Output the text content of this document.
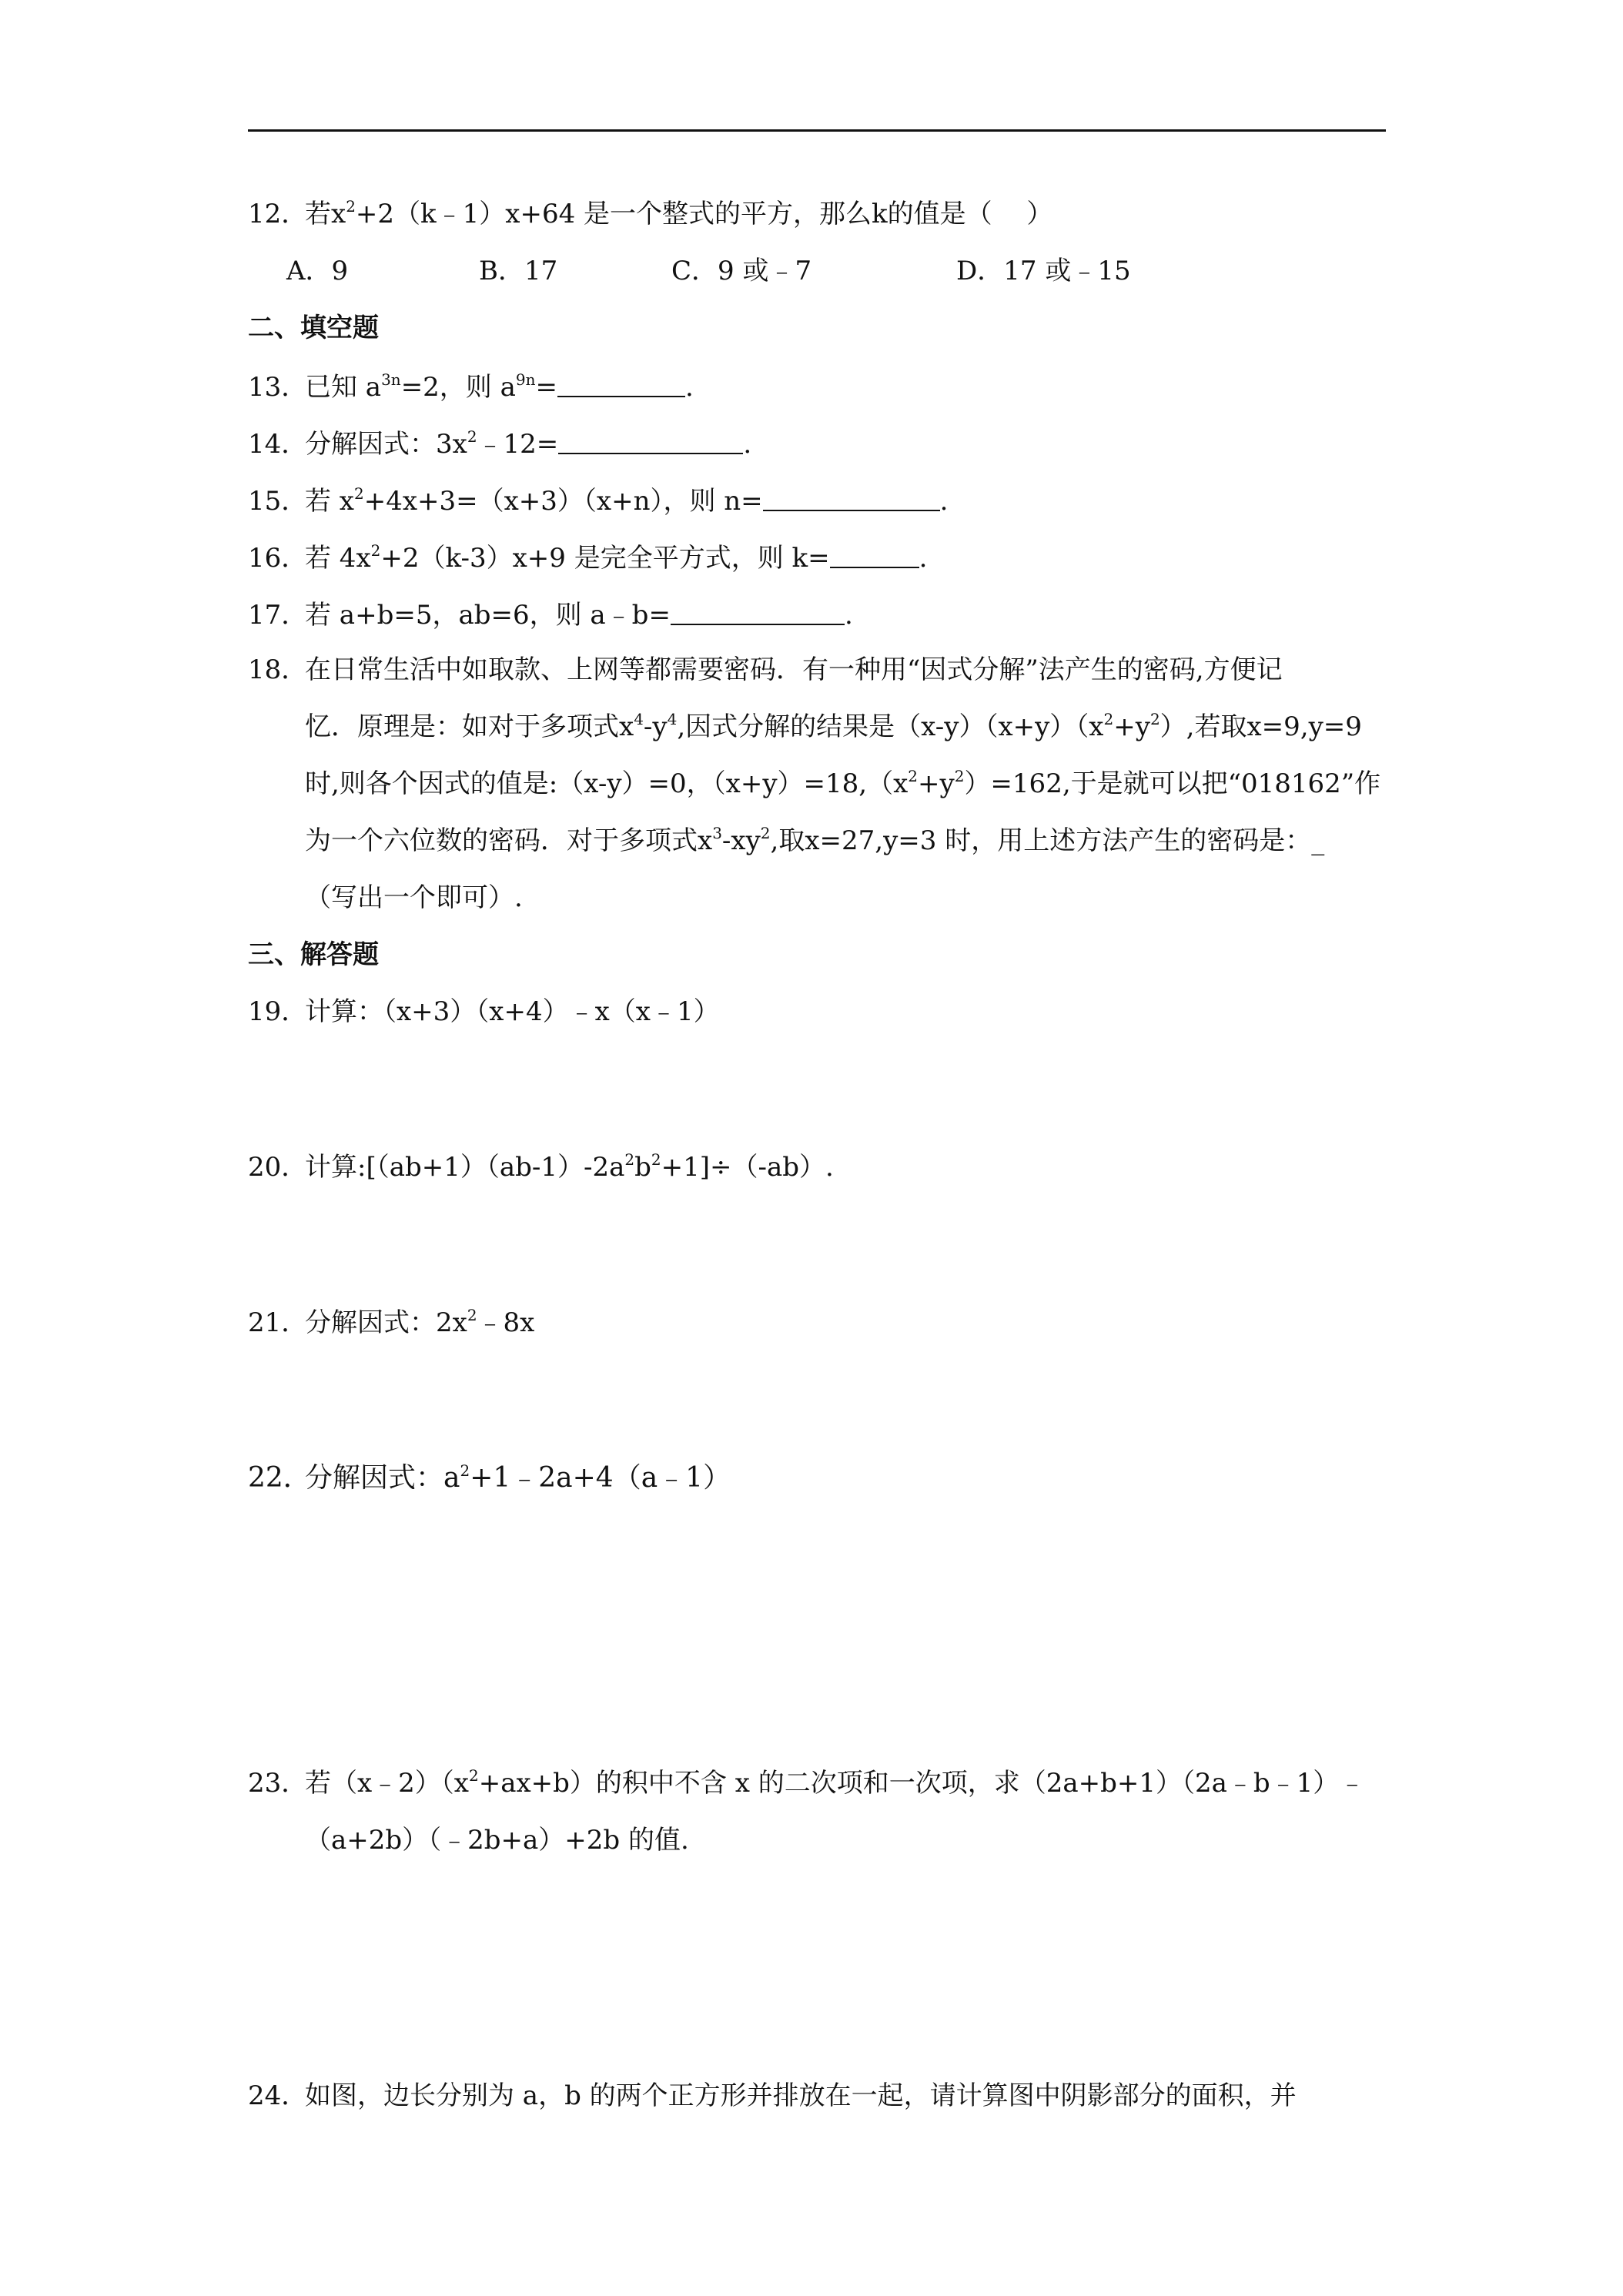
12．若$x^2+2(k﹣1)x+64$ 是一个整式的平方，那么k的值是（　 ）
A．9	B．17	C．9 或﹣7	D．17 或﹣15
二、填空题
13．已知 $a^{3n}=2$，则 $a^{9n}=$	.
14．分解因式：$3x^2﹣12=$	.
15．若 $x^2+4x+3=(x+3)(x+n)$，则 n=	.
16．若 $4x^2+2(k-3)x+9$ 是完全平方式，则 k=	.
17．若 a+b=5，ab=6，则 a﹣b=	.
18．在日常生活中如取款、上网等都需要密码．有一种用“因式分解”法产生的密码,方便记
忆．原理是：如对于多项式$x^4-y^4$,因式分解的结果是$(x-y)(x+y)(x^2+y^2)$,若取x=9,y=9
时,则各个因式的值是:（x-y）=0，$(x+y)=18,(x^2+y^2)=162$,于是就可以把“018162”作
为一个六位数的密码．对于多项式$x^3-xy^2$,取x=27,y=3 时，用上述方法产生的密码是：_
（写出一个即可）.
三、解答题
19．计算：（x+3）（x+4）﹣x（x﹣1）
20．计算$:[(ab+1)(ab-1)-2a^2b^2+1]\div(-ab)$.
21．分解因式：$2x^2﹣8x$
22．分解因式：$a^2+1﹣2a+4(a﹣1)$
23．若$(x﹣2)(x^2+ax+b)$的积中不含 x 的二次项和一次项，求（2a+b+1）（2a﹣b﹣1）﹣
（a+2b）（﹣2b+a）+2b 的值.
24．如图，边长分别为 a，b 的两个正方形并排放在一起，请计算图中阴影部分的面积，并
